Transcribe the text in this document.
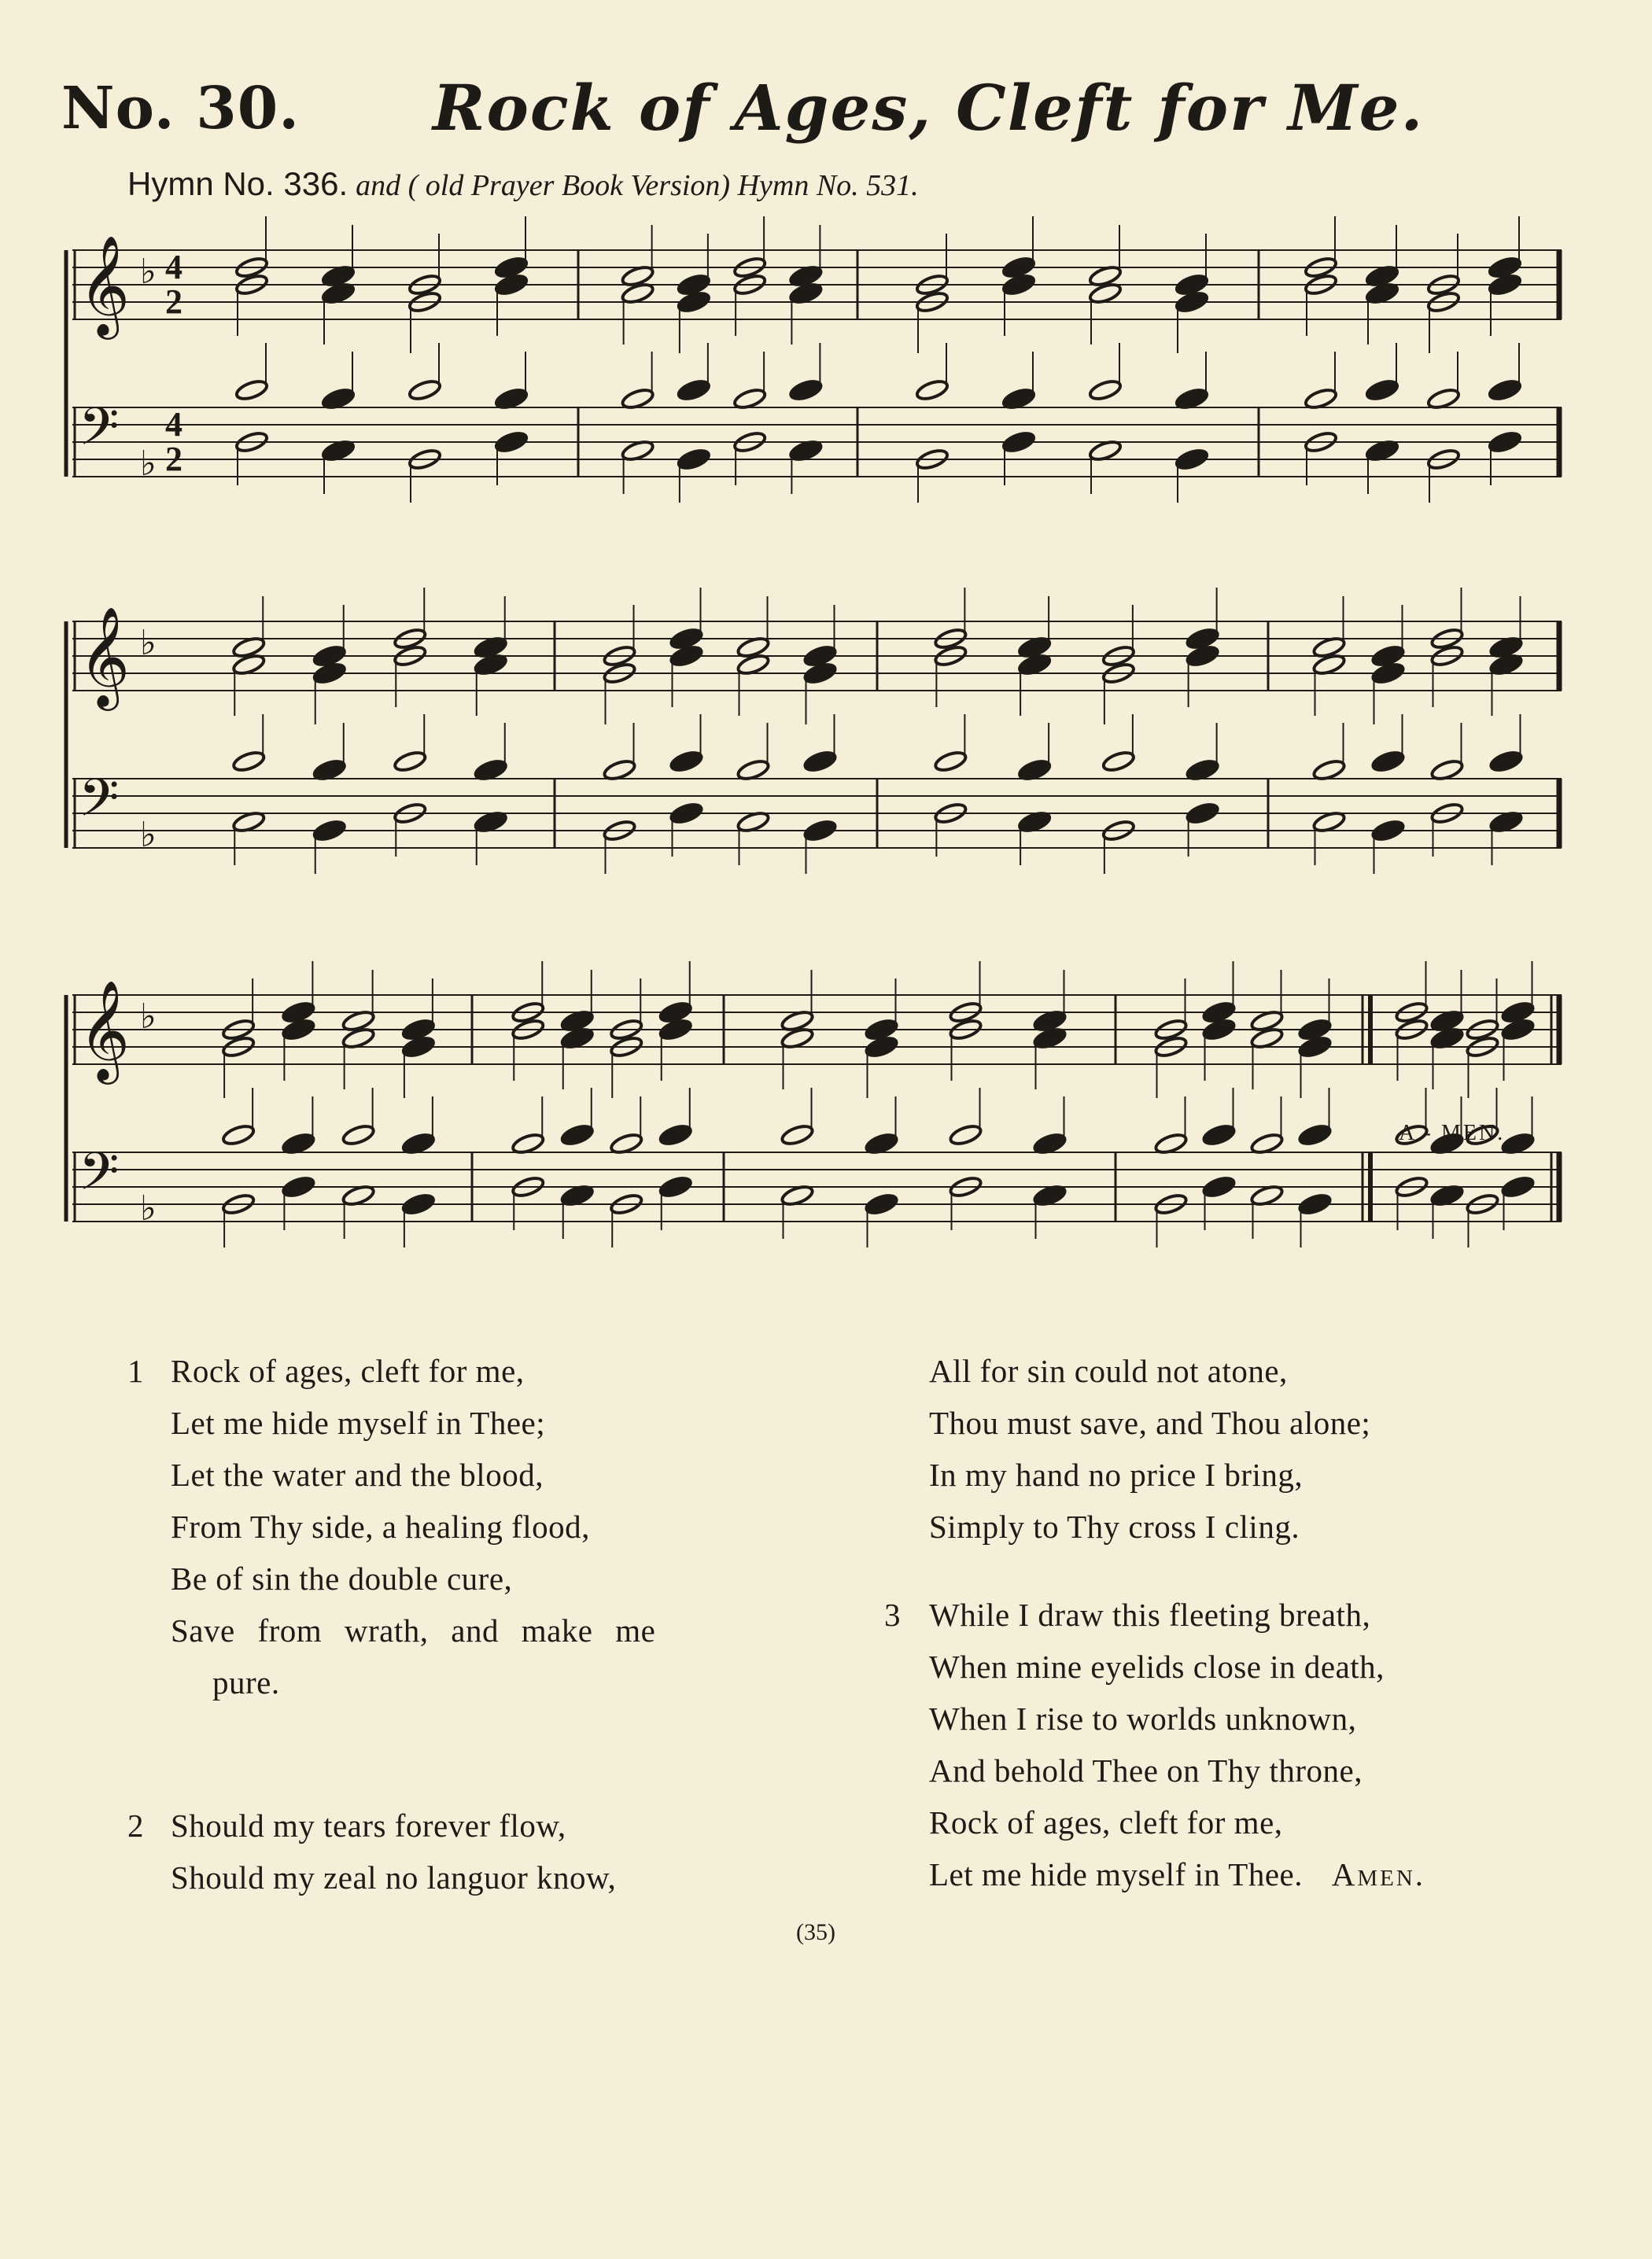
No. 30. Rock of Ages, Cleft for Me.
Hymn No. 336. and ( old Prayer Book Version) Hymn No. 531.
𝄞
𝄢
♭
♭
4
2
4
2
𝄞
𝄢
♭
♭
𝄞
𝄢
♭
♭
A - MEN.
1 Rock of ages, cleft for me,
Let me hide myself in Thee;
Let the water and the blood,
From Thy side, a healing flood,
Be of sin the double cure,
Save from wrath, and make me
pure.
2 Should my tears forever flow,
Should my zeal no languor know,
All for sin could not atone,
Thou must save, and Thou alone;
In my hand no price I bring,
Simply to Thy cross I cling.
3 While I draw this fleeting breath,
When mine eyelids close in death,
When I rise to worlds unknown,
And behold Thee on Thy throne,
Rock of ages, cleft for me,
Let me hide myself in Thee. Amen.
(35)
